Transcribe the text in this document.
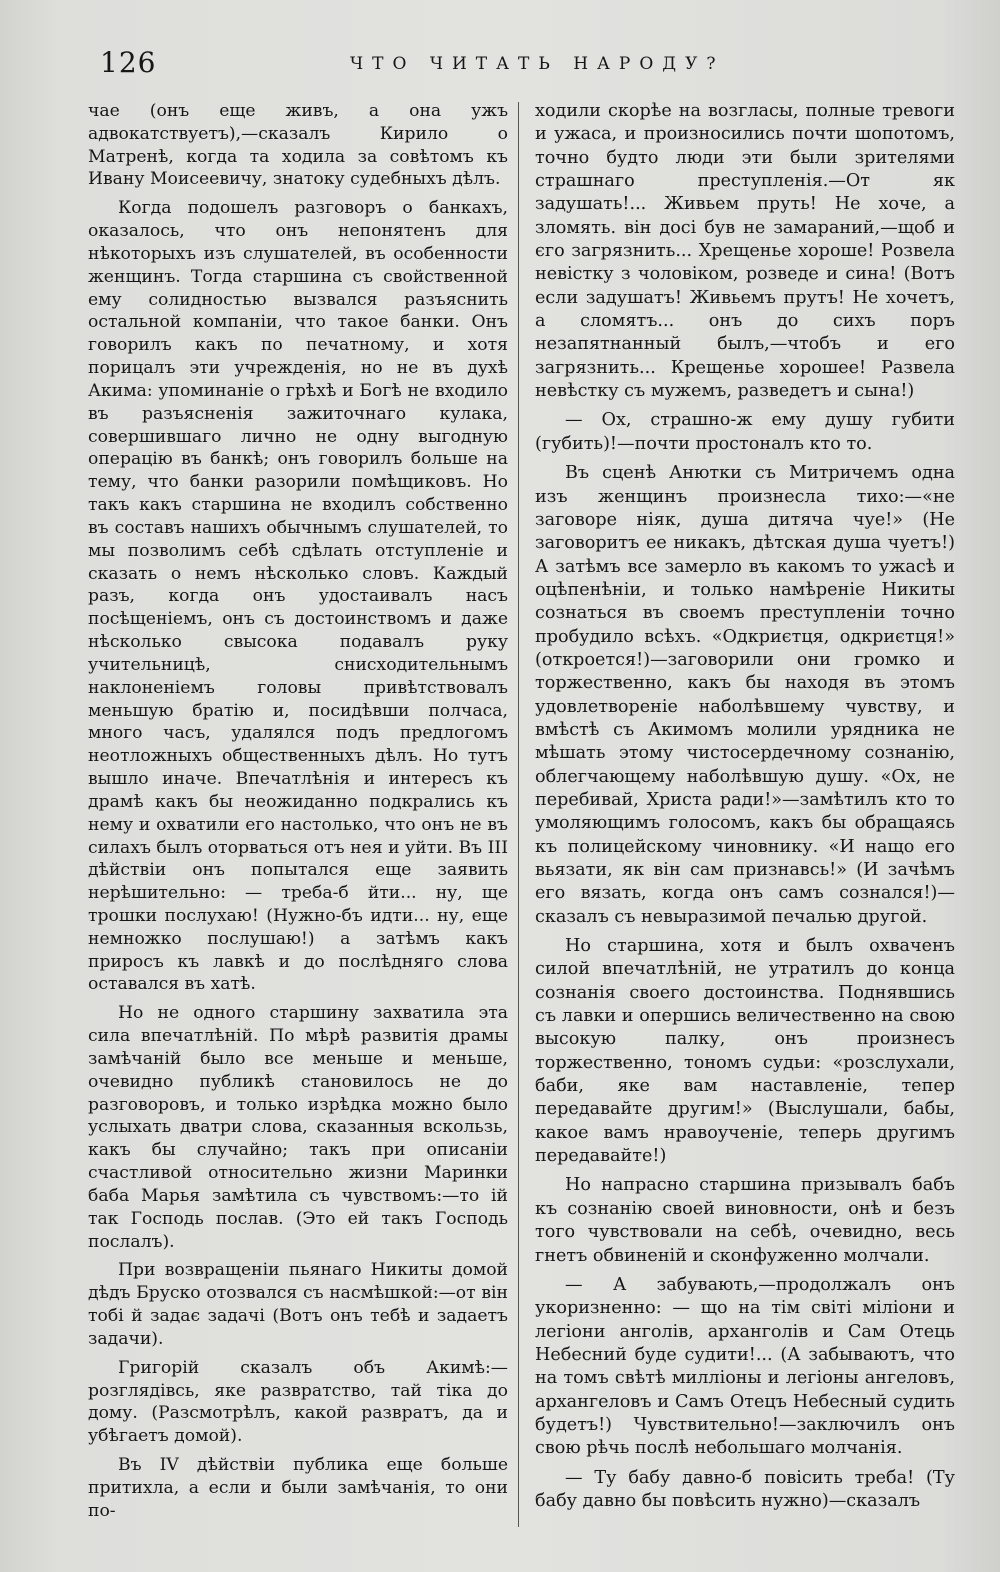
126	ЧТО ЧИТАТЬ НАРОДУ?

чае (онъ еще живъ, а она ужъ адвокатствуетъ),—сказалъ Кирило о Матренѣ, когда та ходила за совѣтомъ къ Ивану Моисеевичу, знатоку судебныхъ дѣлъ.

Когда подошелъ разговоръ о банкахъ, оказалось, что онъ непонятенъ для нѣкоторыхъ изъ слушателей, въ особенности женщинъ. Тогда старшина съ свойственной ему солидностью вызвался разъяснить остальной компаніи, что такое банки. Онъ говорилъ какъ по печатному, и хотя порицалъ эти учрежденія, но не въ духѣ Акима: упоминаніе о грѣхѣ и Богѣ не входило въ разъясненія зажиточнаго кулака, совершившаго лично не одну выгодную операцію въ банкѣ; онъ говорилъ больше на тему, что банки разорили помѣщиковъ. Но такъ какъ старшина не входилъ собственно въ составъ нашихъ обычнымъ слушателей, то мы позволимъ себѣ сдѣлать отступленіе и сказать о немъ нѣсколько словъ. Каждый разъ, когда онъ удостаивалъ насъ посѣщеніемъ, онъ съ достоинствомъ и даже нѣсколько свысока подавалъ руку учительницѣ, снисходительнымъ наклоненіемъ головы привѣтствовалъ меньшую братію и, посидѣвши полчаса, много часъ, удалялся подъ предлогомъ неотложныхъ общественныхъ дѣлъ. Но тутъ вышло иначе. Впечатлѣнія и интересъ къ драмѣ какъ бы неожиданно подкрались къ нему и охватили его настолько, что онъ не въ силахъ былъ оторваться отъ нея и уйти. Въ III дѣйствіи онъ попытался еще заявить нерѣшительно: — треба-б йти... ну, ще трошки послухаю! (Нужно-бъ идти... ну, еще немножко послушаю!) а затѣмъ какъ приросъ къ лавкѣ и до послѣдняго слова оставался въ хатѣ.

Но не одного старшину захватила эта сила впечатлѣній. По мѣрѣ развитія драмы замѣчаній было все меньше и меньше, очевидно публикѣ становилось не до разговоровъ, и только изрѣдка можно было услыхать дватри слова, сказанныя вскользь, какъ бы случайно; такъ при описаніи счастливой относительно жизни Маринки баба Марья замѣтила съ чувствомъ:—то ій так Господь послав. (Это ей такъ Господь послалъ).

При возвращеніи пьянаго Никиты домой дѣдъ Бруско отозвался съ насмѣшкой:—от він тобі й задає задачі (Вотъ онъ тебѣ и задаетъ задачи).

Григорій сказалъ объ Акимѣ:—розглядівсь, яке развратство, тай тіка до дому. (Разсмотрѣлъ, какой развратъ, да и убѣгаетъ домой).

Въ IV дѣйствіи публика еще больше притихла, а если и были замѣчанія, то они по-

ходили скорѣе на возгласы, полные тревоги и ужаса, и произносились почти шопотомъ, точно будто люди эти были зрителями страшнаго преступленія.—От як задушать!... Живьем пруть! Не хоче, а зломять. він досі був не замараний,—щоб и єго загрязнить... Хрещенье хороше! Розвела невістку з чоловіком, розведе и сина! (Вотъ если задушатъ! Живьемъ прутъ! Не хочетъ, а сломятъ... онъ до сихъ поръ незапятнанный былъ,—чтобъ и его загрязнить... Крещенье хорошее! Развела невѣстку съ мужемъ, разведетъ и сына!)

— Ох, страшно-ж ему душу губити (губить)!—почти простоналъ кто то.

Въ сценѣ Анютки съ Митричемъ одна изъ женщинъ произнесла тихо:—«не заговоре ніяк, душа дитяча чуе!» (Не заговоритъ ее никакъ, дѣтская душа чуетъ!) А затѣмъ все замерло въ какомъ то ужасѣ и оцѣпенѣніи, и только намѣреніе Никиты сознаться въ своемъ преступленіи точно пробудило всѣхъ. «Одкриєтця, одкриєтця!» (откроется!)—заговорили они громко и торжественно, какъ бы находя въ этомъ удовлетвореніе наболѣвшему чувству, и вмѣстѣ съ Акимомъ молили урядника не мѣшать этому чистосердечному сознанію, облегчающему наболѣвшую душу. «Ох, не перебивай, Христа ради!»—замѣтилъ кто то умоляющимъ голосомъ, какъ бы обращаясь къ полицейскому чиновнику. «И нащо его вьязати, як він сам признавсь!» (И зачѣмъ его вязать, когда онъ самъ сознался!)—сказалъ съ невыразимой печалью другой.

Но старшина, хотя и былъ охваченъ силой впечатлѣній, не утратилъ до конца сознанія своего достоинства. Поднявшись съ лавки и опершись величественно на свою высокую палку, онъ произнесъ торжественно, тономъ судьи: «розслухали, баби, яке вам наставленіе, тепер передавайте другим!» (Выслушали, бабы, какое вамъ нравоученіе, теперь другимъ передавайте!)

Но напрасно старшина призывалъ бабъ къ сознанію своей виновности, онѣ и безъ того чувствовали на себѣ, очевидно, весь гнетъ обвиненій и сконфуженно молчали.

— А забувають,—продолжалъ онъ укоризненно: — що на тім світі міліони и легіони анголів, арханголів и Сам Отець Небесний буде судити!... (А забываютъ, что на томъ свѣтѣ милліоны и легіоны ангеловъ, архангеловъ и Самъ Отецъ Небесный судить будетъ!) Чувствительно!—заключилъ онъ свою рѣчь послѣ небольшаго молчанія.

— Ту бабу давно-б повісить треба! (Ту бабу давно бы повѣсить нужно)—сказалъ
